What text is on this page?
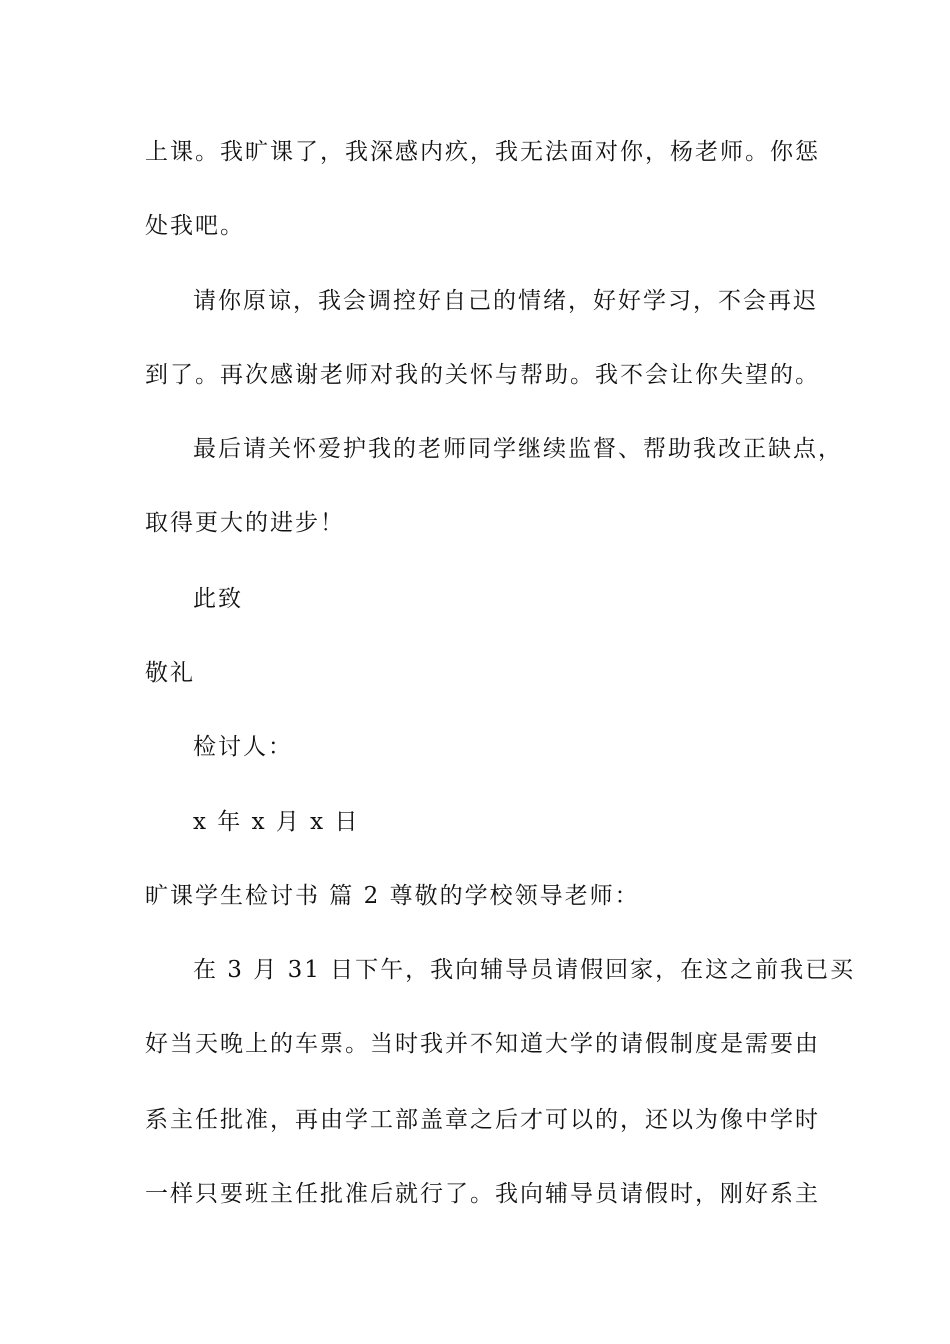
上课。我旷课了，我深感内疚，我无法面对你，杨老师。你惩
处我吧。
请你原谅，我会调控好自己的情绪，好好学习，不会再迟
到了。再次感谢老师对我的关怀与帮助。我不会让你失望的。
最后请关怀爱护我的老师同学继续监督、帮助我改正缺点，
取得更大的进步！
此致
敬礼
检讨人：
x 年 x 月 x 日
旷课学生检讨书 篇 2 尊敬的学校领导老师：
在 3 月 31 日下午，我向辅导员请假回家，在这之前我已买
好当天晚上的车票。当时我并不知道大学的请假制度是需要由
系主任批准，再由学工部盖章之后才可以的，还以为像中学时
一样只要班主任批准后就行了。我向辅导员请假时，刚好系主
